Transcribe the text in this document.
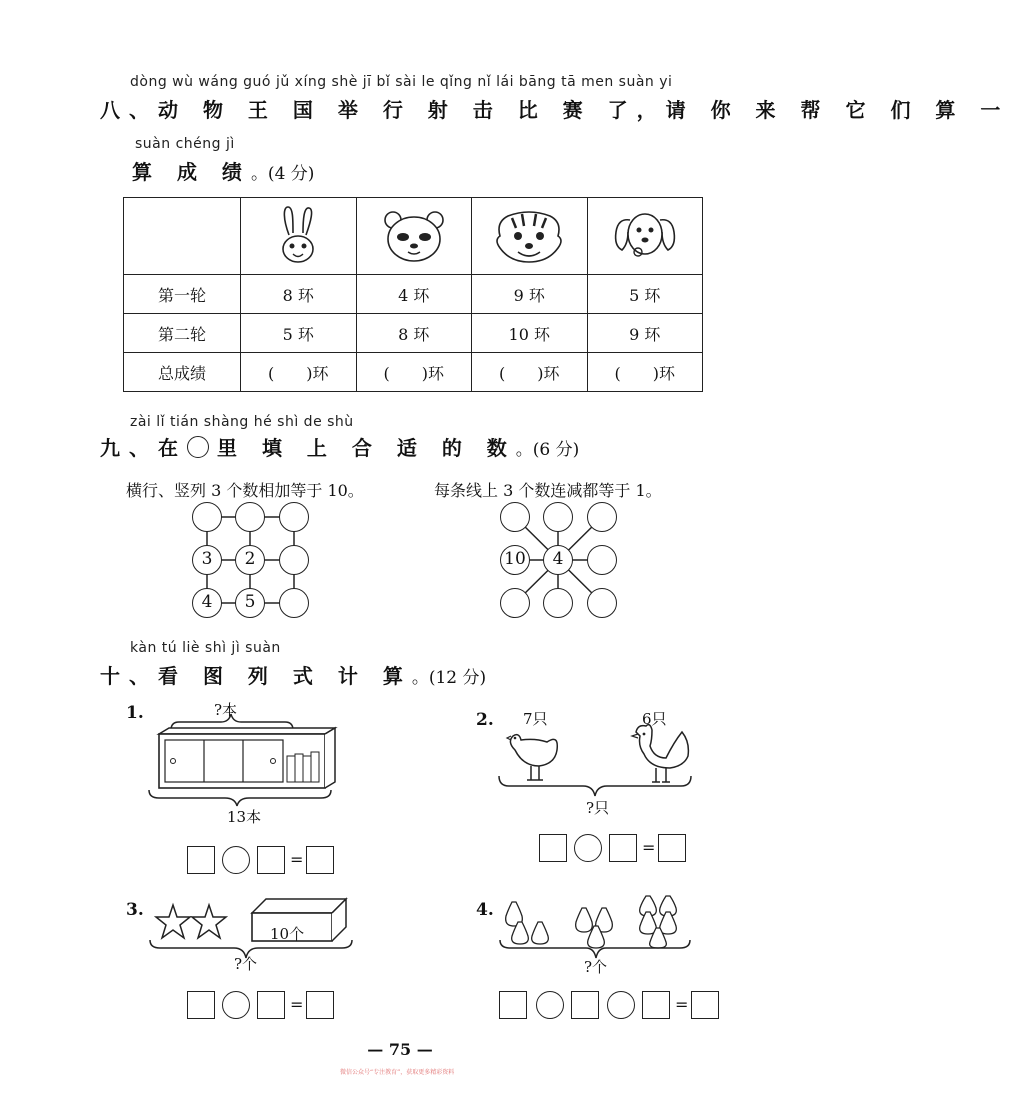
dòng wù wáng guó jǔ xíng shè jī bǐ sài le qǐng nǐ lái bāng tā men suàn yi
八、动 物 王 国 举 行 射 击 比 赛 了，请 你 来 帮 它 们 算 一
suàn chéng jì
算 成 绩。(4 分)

第一轮	8 环	4 环	9 环	5 环
第二轮	5 环	8 环	10 环	9 环
总成绩	(　　)环	(　　)环	(　　)环	(　　)环
zài lǐ tián shàng hé shì de shù
九、在 里 填 上 合 适 的 数。(6 分)
横行、竖列 3 个数相加等于 10。	每条线上 3 个数连减都等于 1。
3	2
4	5
10	4
kàn tú liè shì jì suàn
十、看 图 列 式 计 算。(12 分)
1.	?本
13本
=
2. 7只	6只
?只
=
3.
10个
?个
=
4.
?个
=
— 75 —
微信公众号“专注教育”，获取更多精彩资料
